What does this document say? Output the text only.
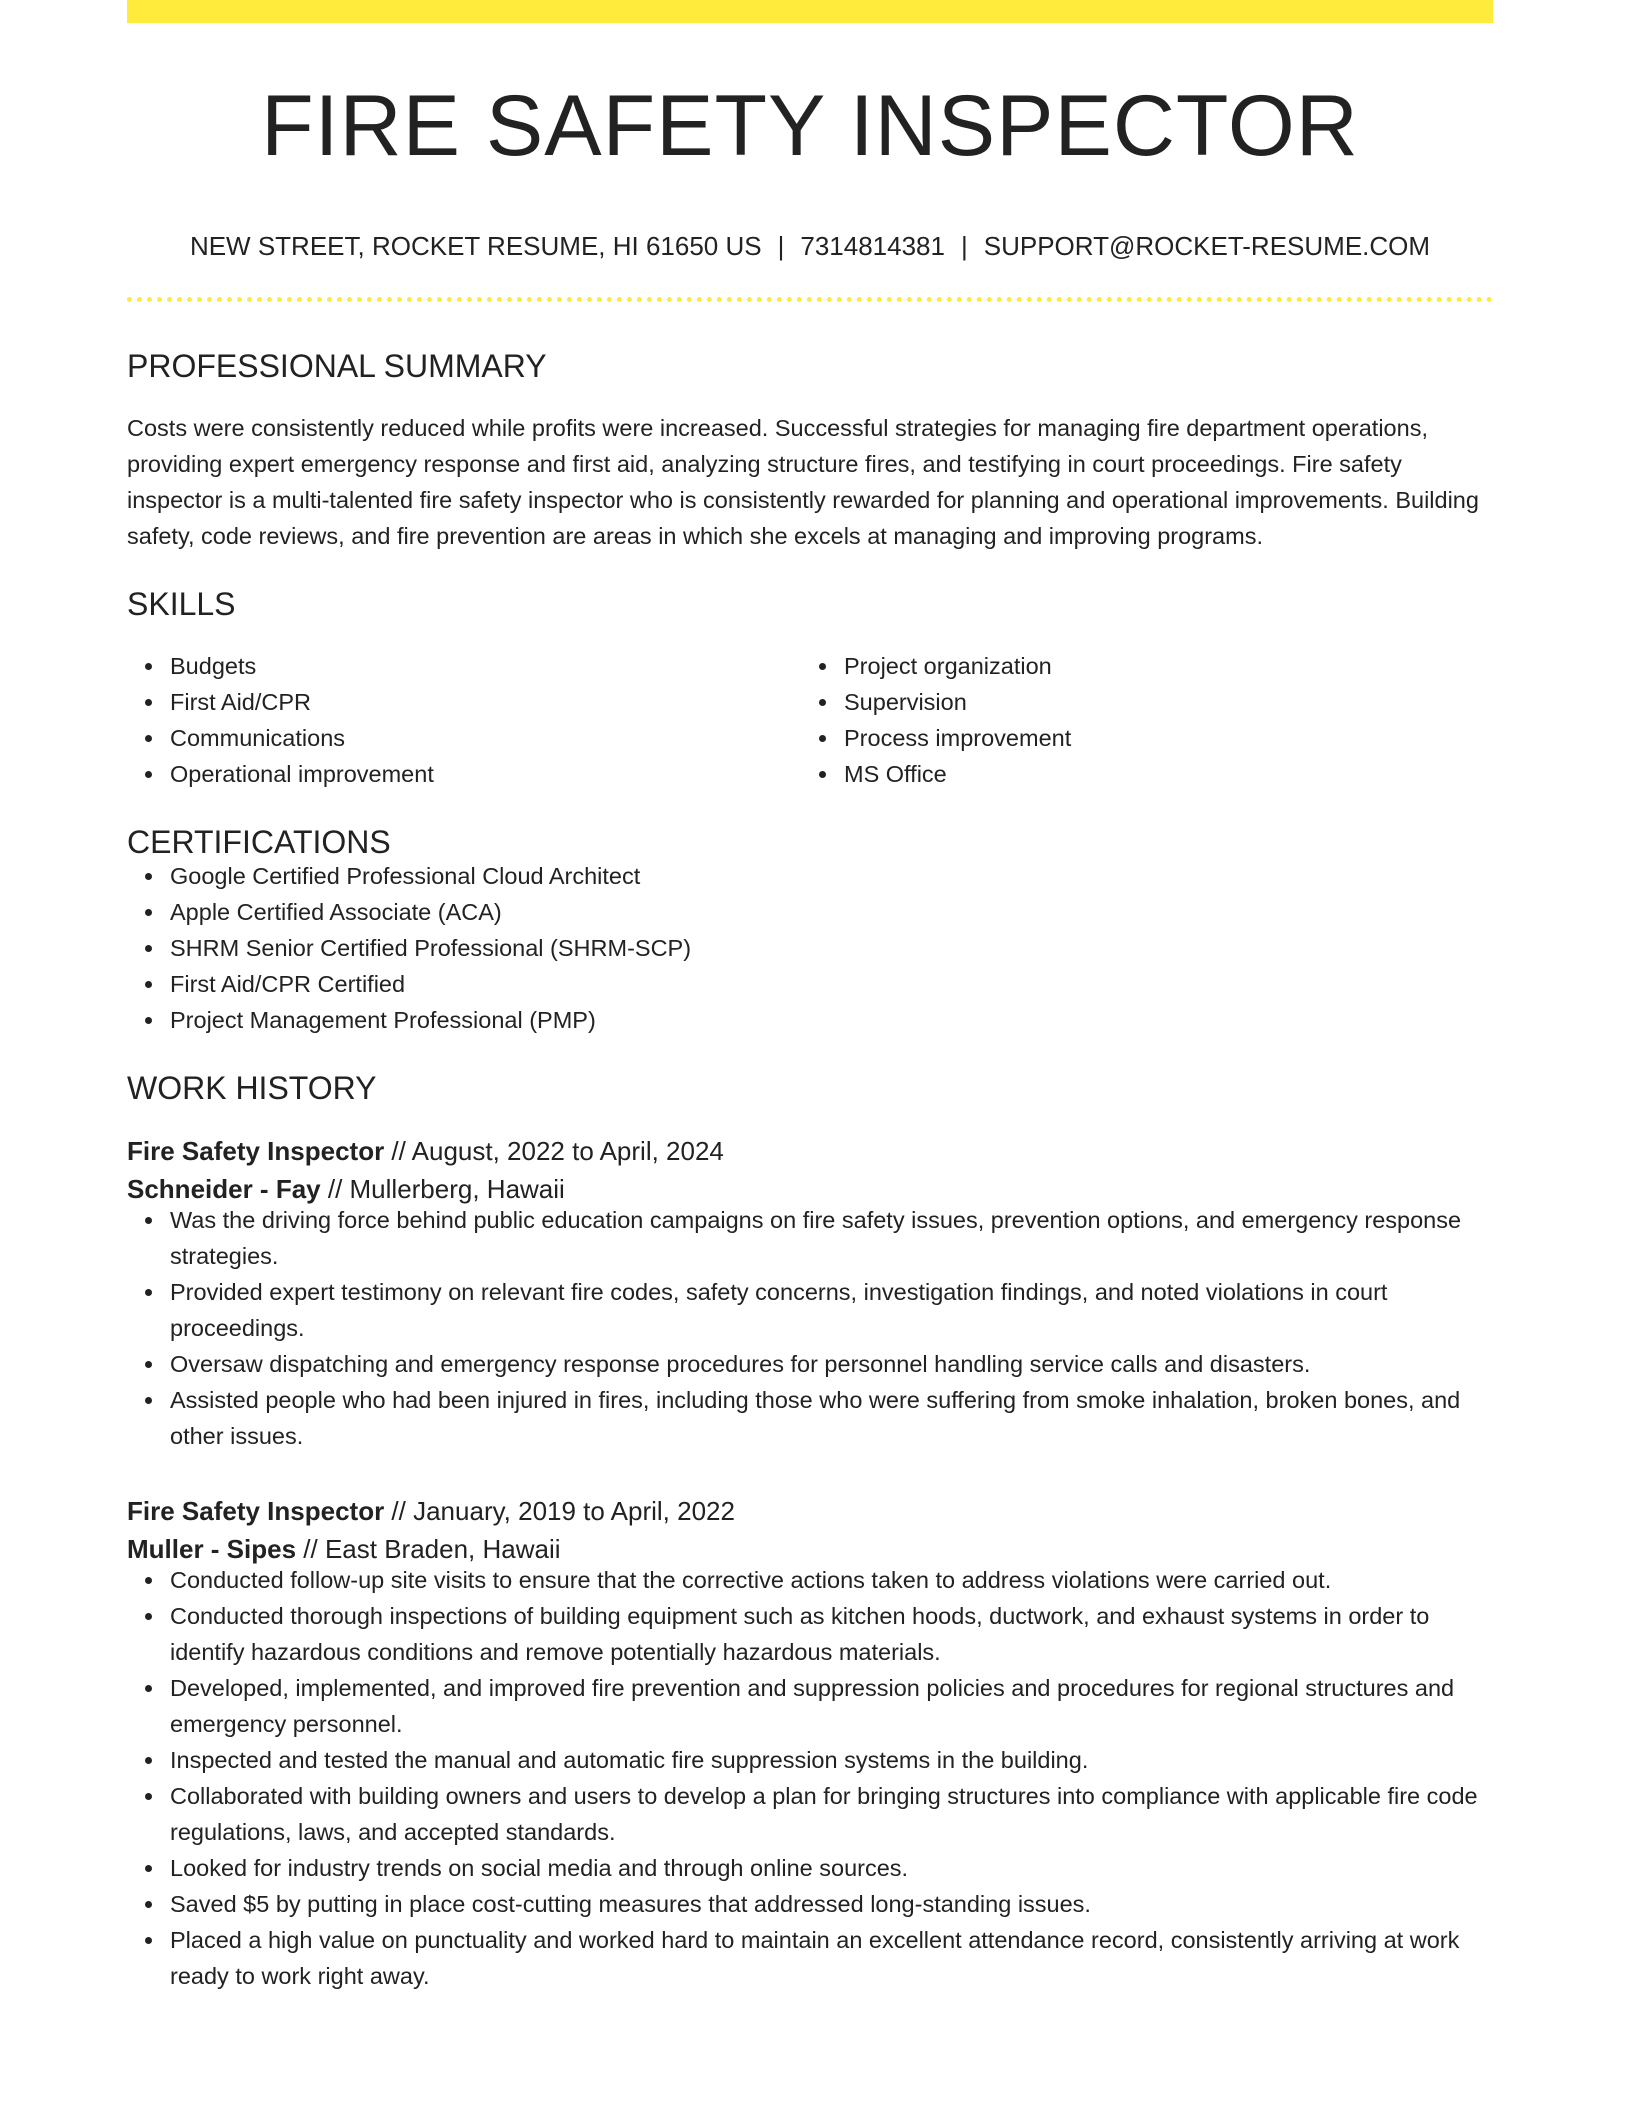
FIRE SAFETY INSPECTOR
NEW STREET, ROCKET RESUME, HI 61650 US | 7314814381 | SUPPORT@ROCKET-RESUME.COM
PROFESSIONAL SUMMARY
Costs were consistently reduced while profits were increased. Successful strategies for managing fire department operations, providing expert emergency response and first aid, analyzing structure fires, and testifying in court proceedings. Fire safety inspector is a multi-talented fire safety inspector who is consistently rewarded for planning and operational improvements. Building safety, code reviews, and fire prevention are areas in which she excels at managing and improving programs.
SKILLS
Budgets
First Aid/CPR
Communications
Operational improvement
Project organization
Supervision
Process improvement
MS Office
CERTIFICATIONS
Google Certified Professional Cloud Architect
Apple Certified Associate (ACA)
SHRM Senior Certified Professional (SHRM-SCP)
First Aid/CPR Certified
Project Management Professional (PMP)
WORK HISTORY
Fire Safety Inspector // August, 2022 to April, 2024
Schneider - Fay // Mullerberg, Hawaii
Was the driving force behind public education campaigns on fire safety issues, prevention options, and emergency response strategies.
Provided expert testimony on relevant fire codes, safety concerns, investigation findings, and noted violations in court proceedings.
Oversaw dispatching and emergency response procedures for personnel handling service calls and disasters.
Assisted people who had been injured in fires, including those who were suffering from smoke inhalation, broken bones, and other issues.
Fire Safety Inspector // January, 2019 to April, 2022
Muller - Sipes // East Braden, Hawaii
Conducted follow-up site visits to ensure that the corrective actions taken to address violations were carried out.
Conducted thorough inspections of building equipment such as kitchen hoods, ductwork, and exhaust systems in order to identify hazardous conditions and remove potentially hazardous materials.
Developed, implemented, and improved fire prevention and suppression policies and procedures for regional structures and emergency personnel.
Inspected and tested the manual and automatic fire suppression systems in the building.
Collaborated with building owners and users to develop a plan for bringing structures into compliance with applicable fire code regulations, laws, and accepted standards.
Looked for industry trends on social media and through online sources.
Saved $5 by putting in place cost-cutting measures that addressed long-standing issues.
Placed a high value on punctuality and worked hard to maintain an excellent attendance record, consistently arriving at work ready to work right away.
